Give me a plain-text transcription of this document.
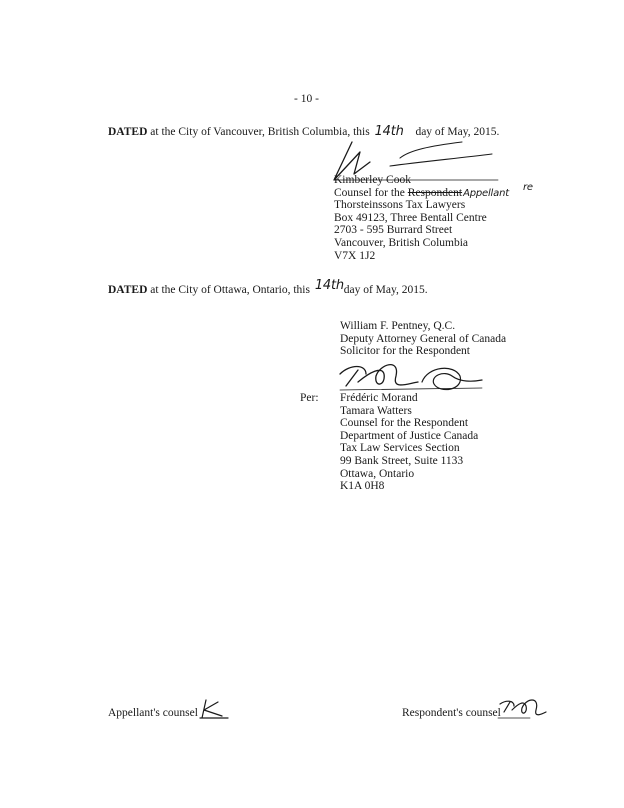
- 10 -
DATED at the City of Vancouver, British Columbia, this 14th day of May, 2015.
Kimberley Cook
Counsel for the RespondentAppellantre
Thorsteinssons Tax Lawyers
Box 49123, Three Bentall Centre
2703 - 595 Burrard Street
Vancouver, British Columbia
V7X 1J2
DATED at the City of Ottawa, Ontario, this 14th
day of May, 2015.
William F. Pentney, Q.C.
Deputy Attorney General of Canada
Solicitor for the Respondent
Per: Frédéric Morand
Tamara Watters
Counsel for the Respondent
Department of Justice Canada
Tax Law Services Section
99 Bank Street, Suite 1133
Ottawa, Ontario
K1A 0H8
Appellant's counsel	Respondent's counsel
